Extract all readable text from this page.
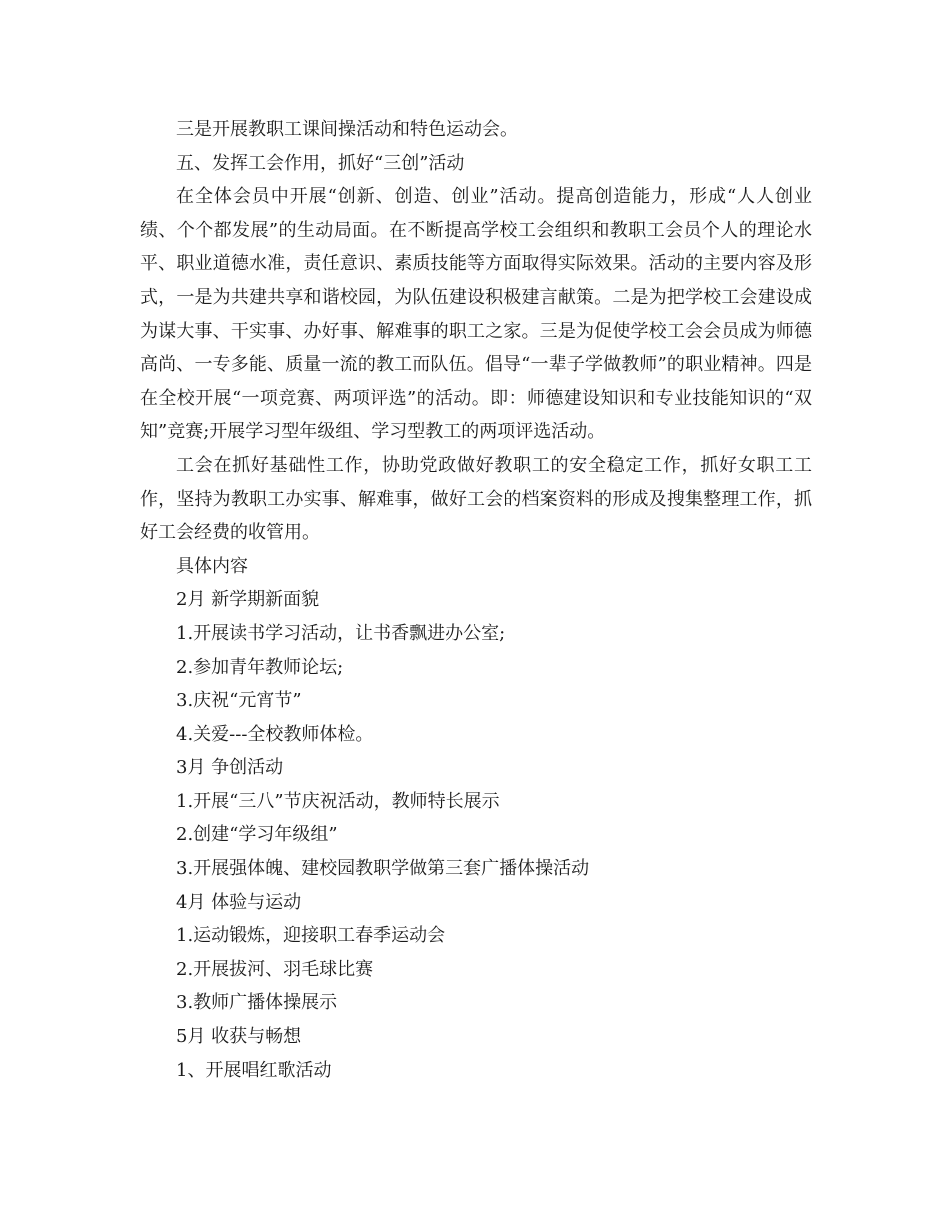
三是开展教职工课间操活动和特色运动会。

五、发挥工会作用，抓好“三创”活动

在全体会员中开展“创新、创造、创业”活动。提高创造能力，形成“人人创业绩、个个都发展”的生动局面。在不断提高学校工会组织和教职工会员个人的理论水平、职业道德水准，责任意识、素质技能等方面取得实际效果。活动的主要内容及形式，一是为共建共享和谐校园，为队伍建设积极建言献策。二是为把学校工会建设成为谋大事、干实事、办好事、解难事的职工之家。三是为促使学校工会会员成为师德高尚、一专多能、质量一流的教工而队伍。倡导“一辈子学做教师”的职业精神。四是在全校开展“一项竞赛、两项评选”的活动。即：师德建设知识和专业技能知识的“双知”竞赛;开展学习型年级组、学习型教工的两项评选活动。

工会在抓好基础性工作，协助党政做好教职工的安全稳定工作，抓好女职工工作，坚持为教职工办实事、解难事，做好工会的档案资料的形成及搜集整理工作，抓好工会经费的收管用。

具体内容

2月 新学期新面貌

1.开展读书学习活动，让书香飘进办公室;

2.参加青年教师论坛;

3.庆祝“元宵节”

4.关爱---全校教师体检。

3月 争创活动

1.开展“三八”节庆祝活动，教师特长展示

2.创建“学习年级组”

3.开展强体魄、建校园教职学做第三套广播体操活动

4月 体验与运动

1.运动锻炼，迎接职工春季运动会

2.开展拔河、羽毛球比赛

3.教师广播体操展示

5月 收获与畅想

1、开展唱红歌活动
